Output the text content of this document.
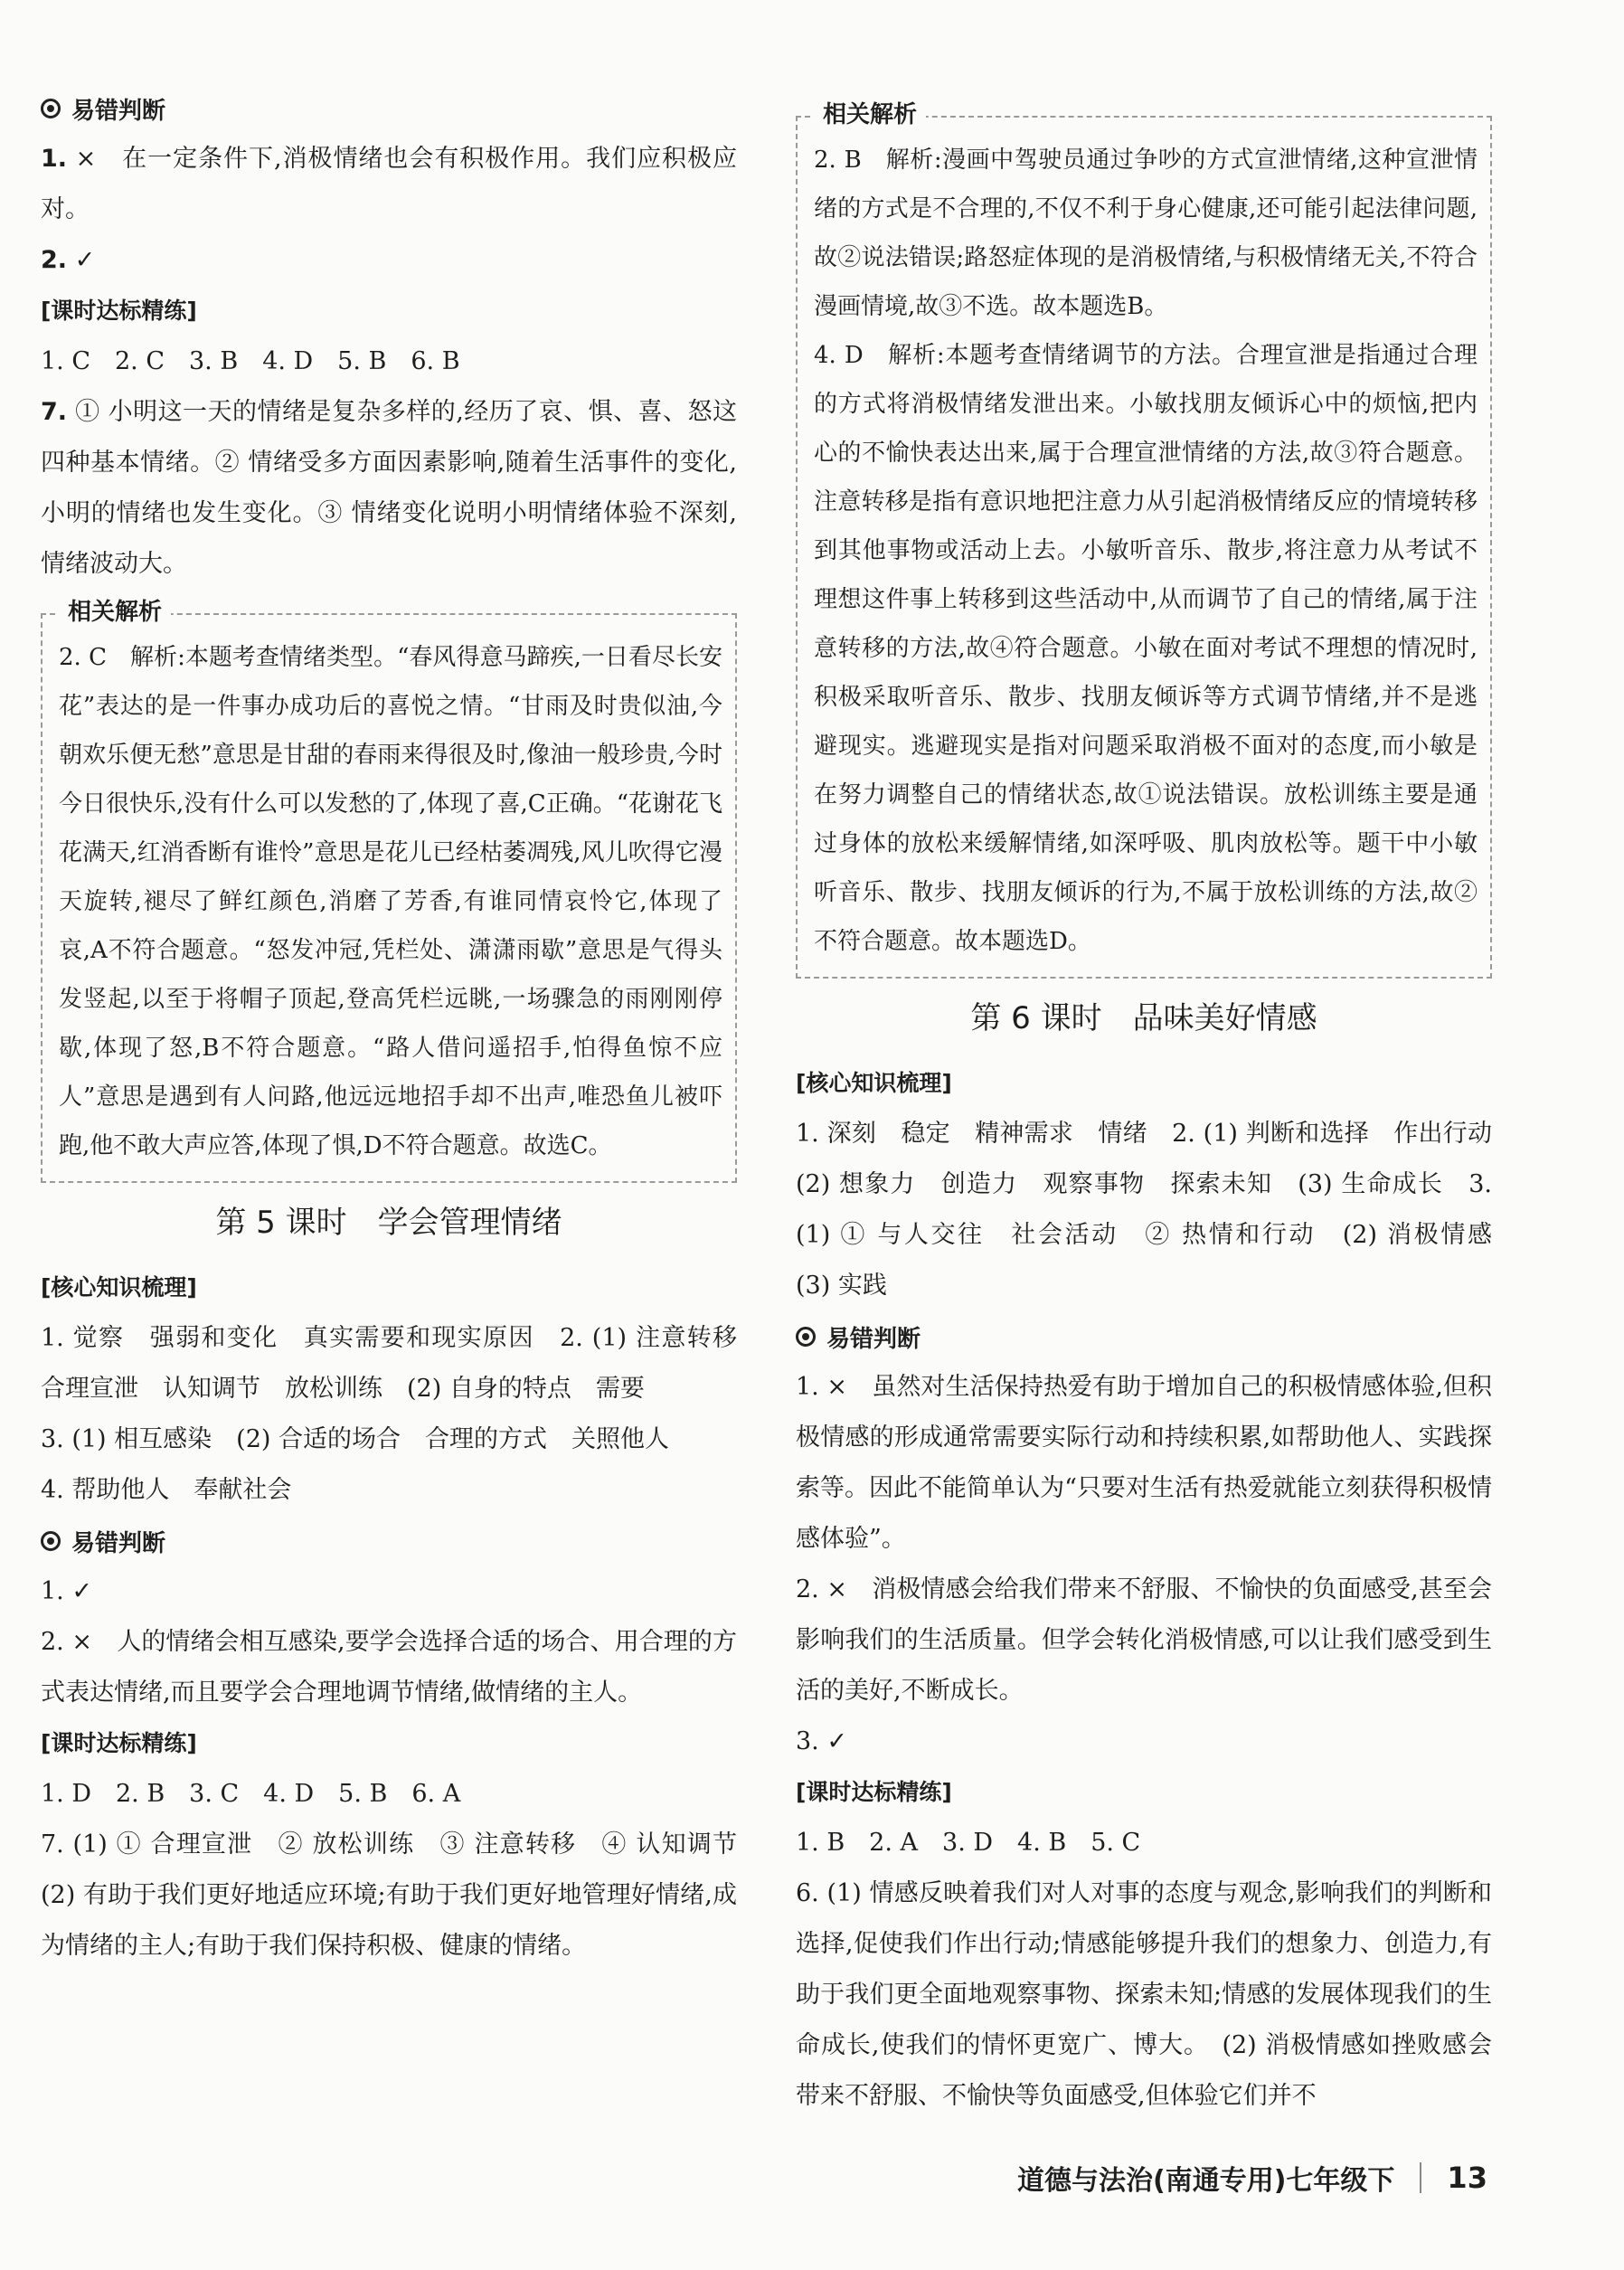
易错判断
1. ×　在一定条件下,消极情绪也会有积极作用。我们应积极应对。
2. ✓
[课时达标精练]
1. C　2. C　3. B　4. D　5. B　6. B
7. ① 小明这一天的情绪是复杂多样的,经历了哀、惧、喜、怒这四种基本情绪。② 情绪受多方面因素影响,随着生活事件的变化,小明的情绪也发生变化。③ 情绪变化说明小明情绪体验不深刻,情绪波动大。
相关解析
2. C　解析:本题考查情绪类型。“春风得意马蹄疾,一日看尽长安花”表达的是一件事办成功后的喜悦之情。“甘雨及时贵似油,今朝欢乐便无愁”意思是甘甜的春雨来得很及时,像油一般珍贵,今时今日很快乐,没有什么可以发愁的了,体现了喜,C正确。“花谢花飞花满天,红消香断有谁怜”意思是花儿已经枯萎凋残,风儿吹得它漫天旋转,褪尽了鲜红颜色,消磨了芳香,有谁同情哀怜它,体现了哀,A不符合题意。“怒发冲冠,凭栏处、潇潇雨歇”意思是气得头发竖起,以至于将帽子顶起,登高凭栏远眺,一场骤急的雨刚刚停歇,体现了怒,B不符合题意。“路人借问遥招手,怕得鱼惊不应人”意思是遇到有人问路,他远远地招手却不出声,唯恐鱼儿被吓跑,他不敢大声应答,体现了惧,D不符合题意。故选C。
第 5 课时　学会管理情绪
[核心知识梳理]
1. 觉察　强弱和变化　真实需要和现实原因　2. (1) 注意转移　合理宣泄　认知调节　放松训练　(2) 自身的特点　需要
3. (1) 相互感染　(2) 合适的场合　合理的方式　关照他人
4. 帮助他人　奉献社会
易错判断
1. ✓
2. ×　人的情绪会相互感染,要学会选择合适的场合、用合理的方式表达情绪,而且要学会合理地调节情绪,做情绪的主人。
[课时达标精练]
1. D　2. B　3. C　4. D　5. B　6. A
7. (1) ① 合理宣泄　② 放松训练　③ 注意转移　④ 认知调节　(2) 有助于我们更好地适应环境;有助于我们更好地管理好情绪,成为情绪的主人;有助于我们保持积极、健康的情绪。
相关解析
2. B　解析:漫画中驾驶员通过争吵的方式宣泄情绪,这种宣泄情绪的方式是不合理的,不仅不利于身心健康,还可能引起法律问题,故②说法错误;路怒症体现的是消极情绪,与积极情绪无关,不符合漫画情境,故③不选。故本题选B。
4. D　解析:本题考查情绪调节的方法。合理宣泄是指通过合理的方式将消极情绪发泄出来。小敏找朋友倾诉心中的烦恼,把内心的不愉快表达出来,属于合理宣泄情绪的方法,故③符合题意。注意转移是指有意识地把注意力从引起消极情绪反应的情境转移到其他事物或活动上去。小敏听音乐、散步,将注意力从考试不理想这件事上转移到这些活动中,从而调节了自己的情绪,属于注意转移的方法,故④符合题意。小敏在面对考试不理想的情况时,积极采取听音乐、散步、找朋友倾诉等方式调节情绪,并不是逃避现实。逃避现实是指对问题采取消极不面对的态度,而小敏是在努力调整自己的情绪状态,故①说法错误。放松训练主要是通过身体的放松来缓解情绪,如深呼吸、肌肉放松等。题干中小敏听音乐、散步、找朋友倾诉的行为,不属于放松训练的方法,故②不符合题意。故本题选D。
第 6 课时　品味美好情感
[核心知识梳理]
1. 深刻　稳定　精神需求　情绪　2. (1) 判断和选择　作出行动　(2) 想象力　创造力　观察事物　探索未知　(3) 生命成长　3. (1) ① 与人交往　社会活动　② 热情和行动　(2) 消极情感　(3) 实践
易错判断
1. ×　虽然对生活保持热爱有助于增加自己的积极情感体验,但积极情感的形成通常需要实际行动和持续积累,如帮助他人、实践探索等。因此不能简单认为“只要对生活有热爱就能立刻获得积极情感体验”。
2. ×　消极情感会给我们带来不舒服、不愉快的负面感受,甚至会影响我们的生活质量。但学会转化消极情感,可以让我们感受到生活的美好,不断成长。
3. ✓
[课时达标精练]
1. B　2. A　3. D　4. B　5. C
6. (1) 情感反映着我们对人对事的态度与观念,影响我们的判断和选择,促使我们作出行动;情感能够提升我们的想象力、创造力,有助于我们更全面地观察事物、探索未知;情感的发展体现我们的生命成长,使我们的情怀更宽广、博大。　(2) 消极情感如挫败感会带来不舒服、不愉快等负面感受,但体验它们并不
道德与法治(南通专用)七年级下 13
